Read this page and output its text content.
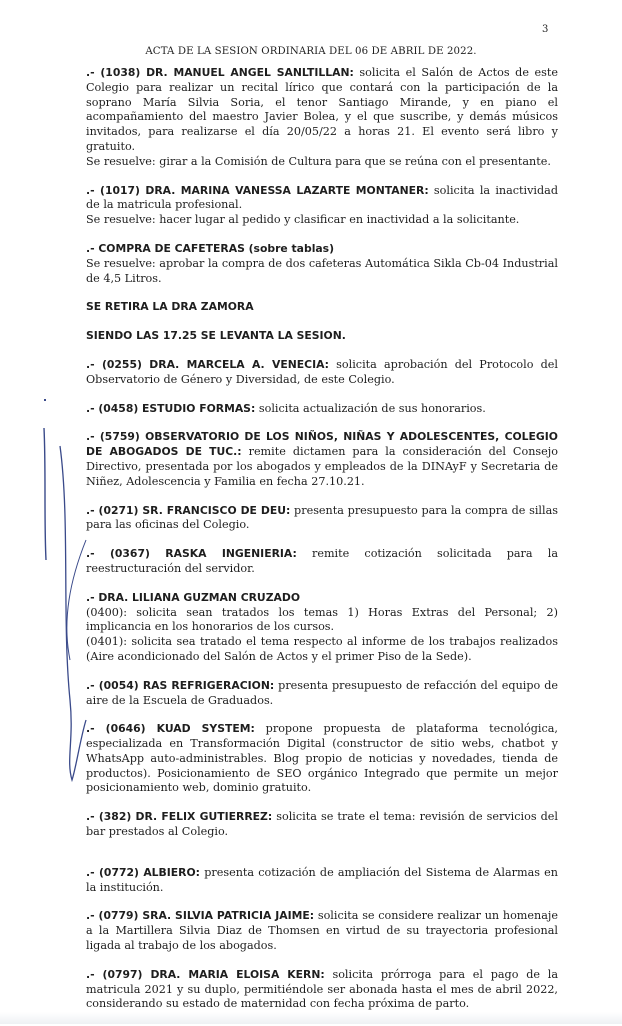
3
ACTA DE LA SESION ORDINARIA DEL 06 DE ABRIL DE 2022.

.- (1038) DR. MANUEL ANGEL SANLTILLAN: solicita el Salón de Actos de este Colegio para realizar un recital lírico que contará con la participación de la soprano María Silvia Soria, el tenor Santiago Mirande, y en piano el acompañamiento del maestro Javier Bolea, y el que suscribe, y demás músicos invitados, para realizarse el día 20/05/22 a horas 21. El evento será libro y gratuito.

Se resuelve: girar a la Comisión de Cultura para que se reúna con el presentante.

.- (1017) DRA. MARINA VANESSA LAZARTE MONTANER: solicita la inactividad de la matricula profesional.

Se resuelve: hacer lugar al pedido y clasificar en inactividad a la solicitante.

.- COMPRA DE CAFETERAS (sobre tablas)

Se resuelve: aprobar la compra de dos cafeteras Automática Sikla Cb-04 Industrial de 4,5 Litros.

SE RETIRA LA DRA ZAMORA

SIENDO LAS 17.25 SE LEVANTA LA SESION.

.- (0255) DRA. MARCELA A. VENECIA: solicita aprobación del Protocolo del Observatorio de Género y Diversidad, de este Colegio.

.- (0458) ESTUDIO FORMAS: solicita actualización de sus honorarios.

.- (5759) OBSERVATORIO DE LOS NIÑOS, NIÑAS Y ADOLESCENTES, COLEGIO DE ABOGADOS DE TUC.: remite dictamen para la consideración del Consejo Directivo, presentada por los abogados y empleados de la DINAyF y Secretaria de Niñez, Adolescencia y Familia en fecha 27.10.21.

.- (0271) SR. FRANCISCO DE DEU: presenta presupuesto para la compra de sillas para las oficinas del Colegio.

.- (0367) RASKA INGENIERIA: remite cotización solicitada para la reestructuración del servidor.

.- DRA. LILIANA GUZMAN CRUZADO

(0400): solicita sean tratados los temas 1) Horas Extras del Personal; 2) implicancia en los honorarios de los cursos.

(0401): solicita sea tratado el tema respecto al informe de los trabajos realizados (Aire acondicionado del Salón de Actos y el primer Piso de la Sede).

.- (0054) RAS REFRIGERACION: presenta presupuesto de refacción del equipo de aire de la Escuela de Graduados.

.- (0646) KUAD SYSTEM: propone propuesta de plataforma tecnológica, especializada en Transformación Digital (constructor de sitio webs, chatbot y WhatsApp auto-administrables. Blog propio de noticias y novedades, tienda de productos). Posicionamiento de SEO orgánico Integrado que permite un mejor posicionamiento web, dominio gratuito.

.- (382) DR. FELIX GUTIERREZ: solicita se trate el tema: revisión de servicios del bar prestados al Colegio.

.- (0772) ALBIERO: presenta cotización de ampliación del Sistema de Alarmas en la institución.

.- (0779) SRA. SILVIA PATRICIA JAIME: solicita se considere realizar un homenaje a la Martillera Silvia Diaz de Thomsen en virtud de su trayectoria profesional ligada al trabajo de los abogados.

.- (0797) DRA. MARIA ELOISA KERN: solicita prórroga para el pago de la matricula 2021 y su duplo, permitiéndole ser abonada hasta el mes de abril 2022, considerando su estado de maternidad con fecha próxima de parto.
